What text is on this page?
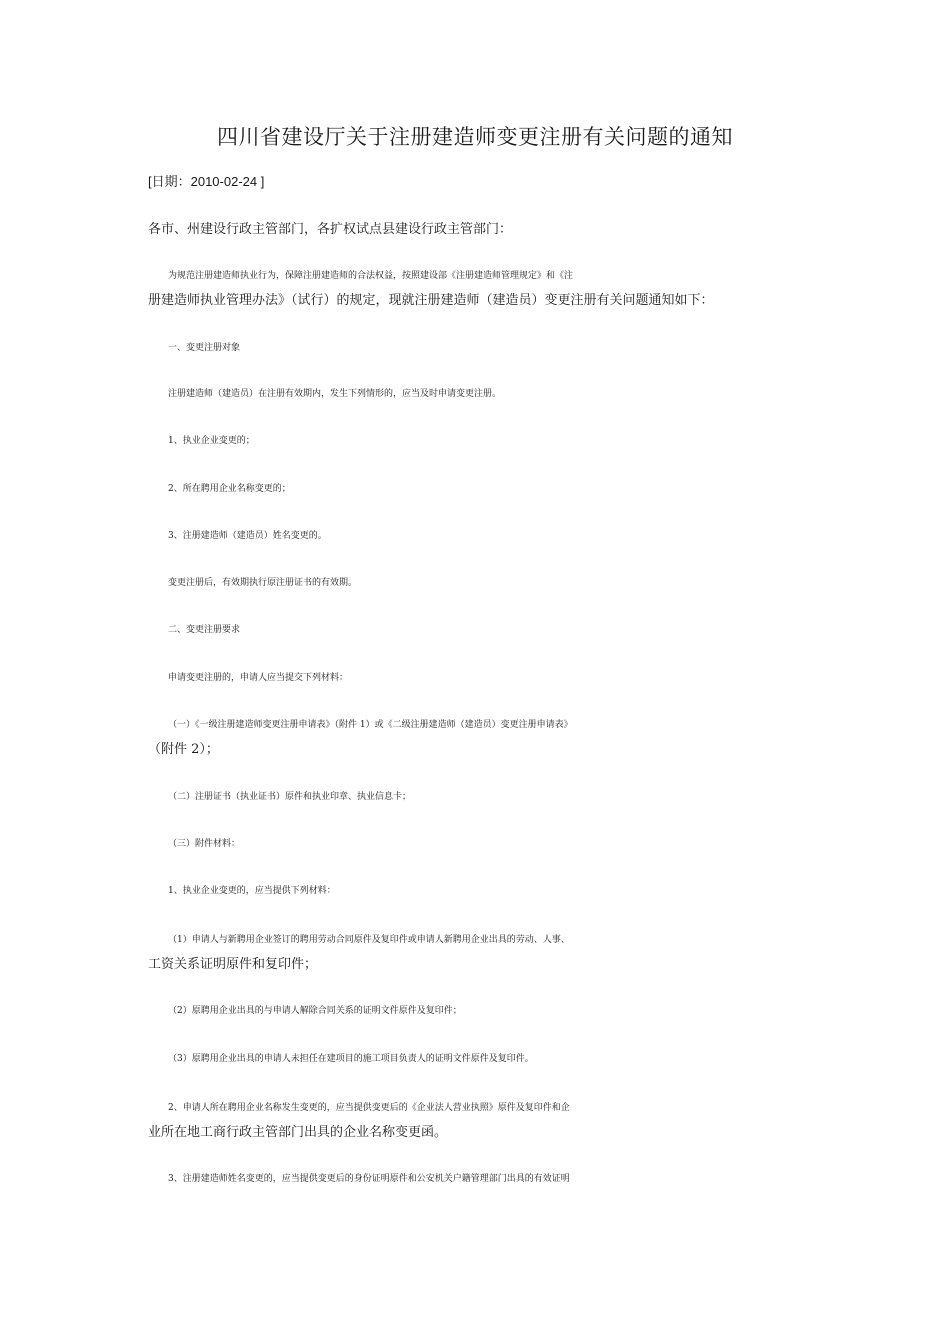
四川省建设厅关于注册建造师变更注册有关问题的通知

[日期：2010-02-24 ]

各市、州建设行政主管部门，各扩权试点县建设行政主管部门：

为规范注册建造师执业行为，保障注册建造师的合法权益，按照建设部《注册建造师管理规定》和《注

册建造师执业管理办法》（试行）的规定，现就注册建造师（建造员）变更注册有关问题通知如下：

一、变更注册对象

注册建造师（建造员）在注册有效期内，发生下列情形的，应当及时申请变更注册。

1、执业企业变更的；

2、所在聘用企业名称变更的；

3、注册建造师（建造员）姓名变更的。

变更注册后，有效期执行原注册证书的有效期。

二、变更注册要求

申请变更注册的，申请人应当提交下列材料：

（一）《一级注册建造师变更注册申请表》（附件 1）或《二级注册建造师（建造员）变更注册申请表》

（附件 2）；

（二）注册证书（执业证书）原件和执业印章、执业信息卡；

（三）附件材料：

1、执业企业变更的，应当提供下列材料：

（1）申请人与新聘用企业签订的聘用劳动合同原件及复印件或申请人新聘用企业出具的劳动、人事、

工资关系证明原件和复印件；

（2）原聘用企业出具的与申请人解除合同关系的证明文件原件及复印件；

（3）原聘用企业出具的申请人未担任在建项目的施工项目负责人的证明文件原件及复印件。

2、申请人所在聘用企业名称发生变更的，应当提供变更后的《企业法人营业执照》原件及复印件和企

业所在地工商行政主管部门出具的企业名称变更函。

3、注册建造师姓名变更的，应当提供变更后的身份证明原件和公安机关户籍管理部门出具的有效证明
